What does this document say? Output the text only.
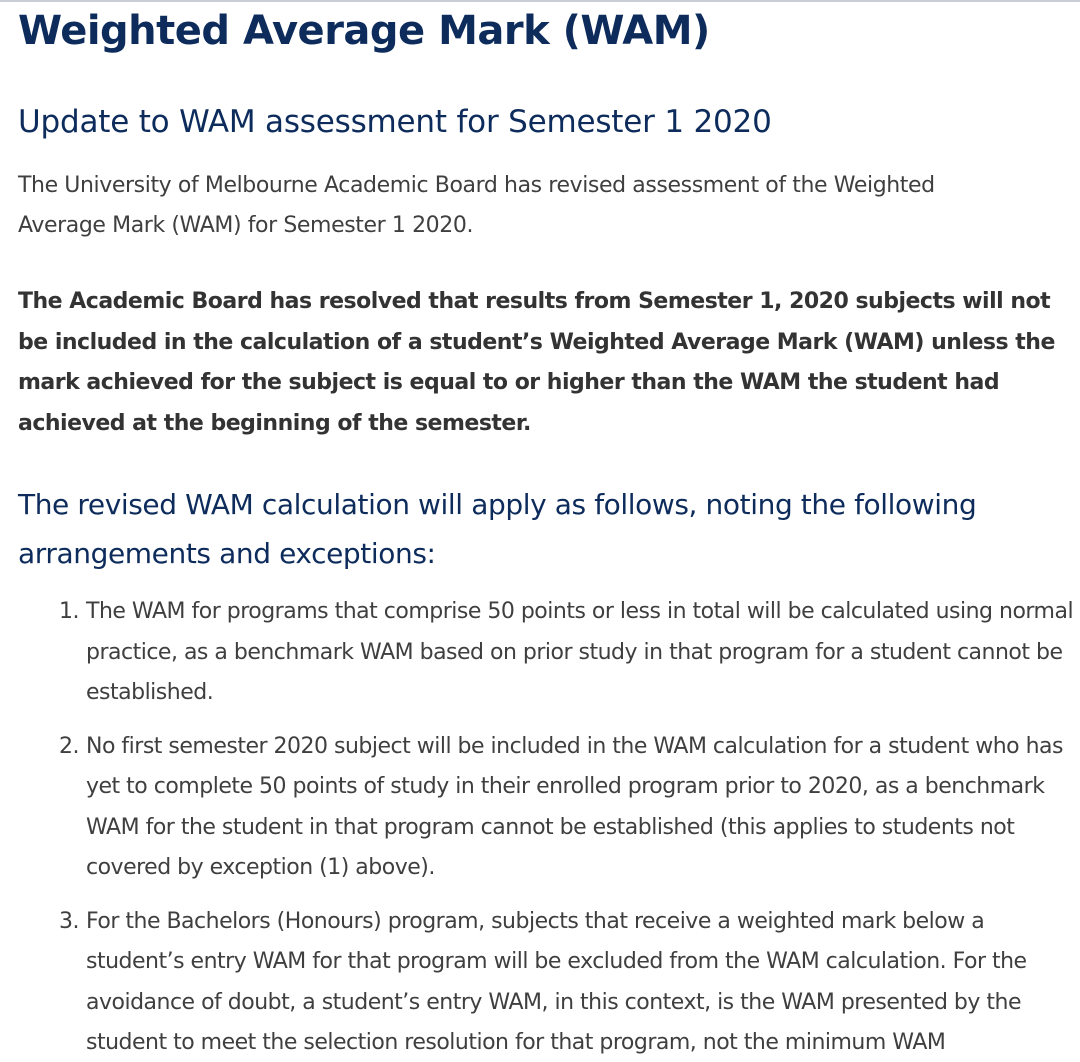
Weighted Average Mark (WAM)
Update to WAM assessment for Semester 1 2020

The University of Melbourne Academic Board has revised assessment of the Weighted Average Mark (WAM) for Semester 1 2020.

The Academic Board has resolved that results from Semester 1, 2020 subjects will not be included in the calculation of a student’s Weighted Average Mark (WAM) unless the mark achieved for the subject is equal to or higher than the WAM the student had achieved at the beginning of the semester.

The revised WAM calculation will apply as follows, noting the following arrangements and exceptions:
1. The WAM for programs that comprise 50 points or less in total will be calculated using normal practice, as a benchmark WAM based on prior study in that program for a student cannot be established.
2. No first semester 2020 subject will be included in the WAM calculation for a student who has yet to complete 50 points of study in their enrolled program prior to 2020, as a benchmark WAM for the student in that program cannot be established (this applies to students not covered by exception (1) above).
3. For the Bachelors (Honours) program, subjects that receive a weighted mark below a student’s entry WAM for that program will be excluded from the WAM calculation. For the avoidance of doubt, a student’s entry WAM, in this context, is the WAM presented by the student to meet the selection resolution for that program, not the minimum WAM
